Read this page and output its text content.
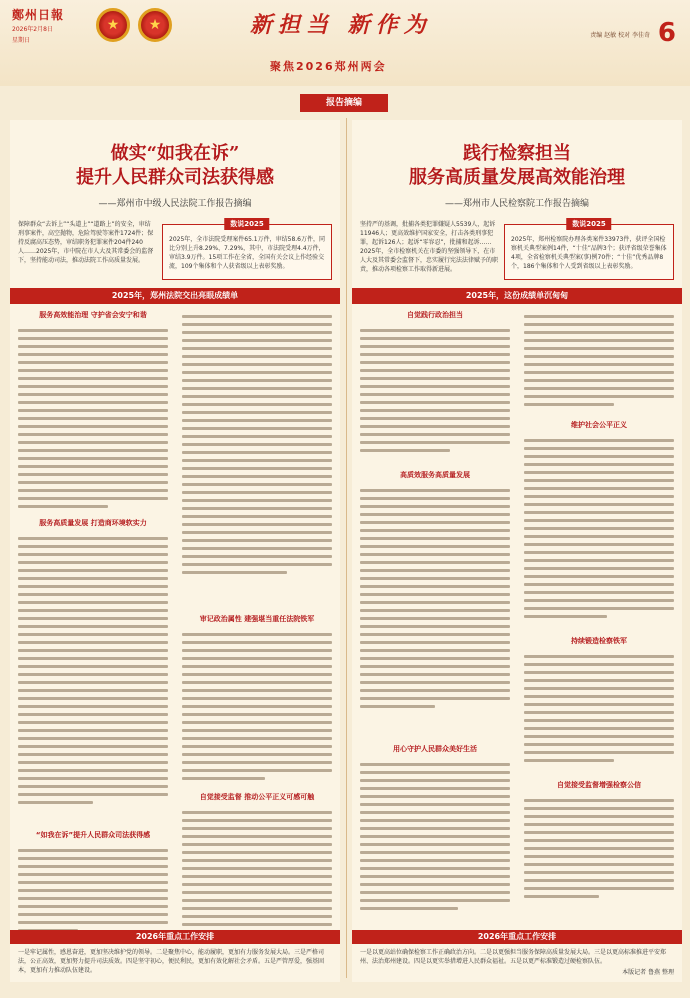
鄭州日報
2026年2月8日
星期日
★	★	新担当 新作为
聚焦2026郑州两会
责编 赵敏 校对 李佳奇 6
报告摘编
做实“如我在诉”
提升人民群众司法获得感
——郑州市中级人民法院工作报告摘编
保障群众“去诉上”“头道上”“道路上”的安全，审结刑事案件，高空抛物，危险驾驶等案件1724件；保持反腐高压态势，审结职务犯罪案件204件240人……2025年，市中院在市人大及其常委会的监督下，坚持能动司法，推动法院工作高质量发展。
数说2025
2025年，全市法院受理案件65.1万件，审结58.6万件，同比分别上升8.29%、7.29%，其中，市法院受理4.4万件，审结3.9万件。15项工作在全省，全国有关会议上作经验交流，109个集体和个人获省级以上表彰奖励。
2025年，郑州法院交出亮眼成绩单
服务高效能治理 守护省会安宁和谐
服务高质量发展 打造商环境软实力
“如我在诉”提升人民群众司法获得感
审记政治属性 建强堪当重任法院铁军
自觉接受监督 推动公平正义可感可触
2026年重点工作安排
一是牢记属性，感恩奋进，更加坚决维护党的领导。二是聚焦中心，能动履职，更加有力服务发展大局。三是严格司法，公正高效，更加努力提升司法质效。四是坚守初心，便民利民，更加有效化解社会矛盾。五是严管厚爱，强基固本，更加有力推动队伍建设。
践行检察担当
服务高质量发展高效能治理
——郑州市人民检察院工作报告摘编
坚持严的基调，批捕各类犯罪嫌疑人5539人，起诉11946人；更高效维护国家安全，打击各类刑事犯罪，起诉126人；起诉“零容忍”，批捕和起诉……2025年，全市检察机关在市委的坚强领导下，在市人大及其常委会监督下，忠实履行宪法法律赋予的职责，推动各项检察工作取得新进展。
数说2025
2025年，郑州检察院办理各类案件33973件，获评全国检察机关典型案例14件，“十佳”品牌3个；获评省级荣誉集体4项，全省检察机关典型案(事)例70件；“十佳”优秀品牌8个，186个集体和个人受到省级以上表彰奖励。
2025年，这份成绩单沉甸甸
自觉践行政治担当
高质效服务高质量发展
用心守护人民群众美好生活
维护社会公平正义
持续锻造检察铁军
自觉接受监督增强检察公信
2026年重点工作安排
一是以更高站位确保检察工作正确政治方向。二是以更强担当服务保障高质量发展大局。三是以更高标准推进平安郑州、法治郑州建设。四是以更实举措增进人民群众福祉。五是以更严标准锻造过硬检察队伍。
本版记者 鲁燕 整理
